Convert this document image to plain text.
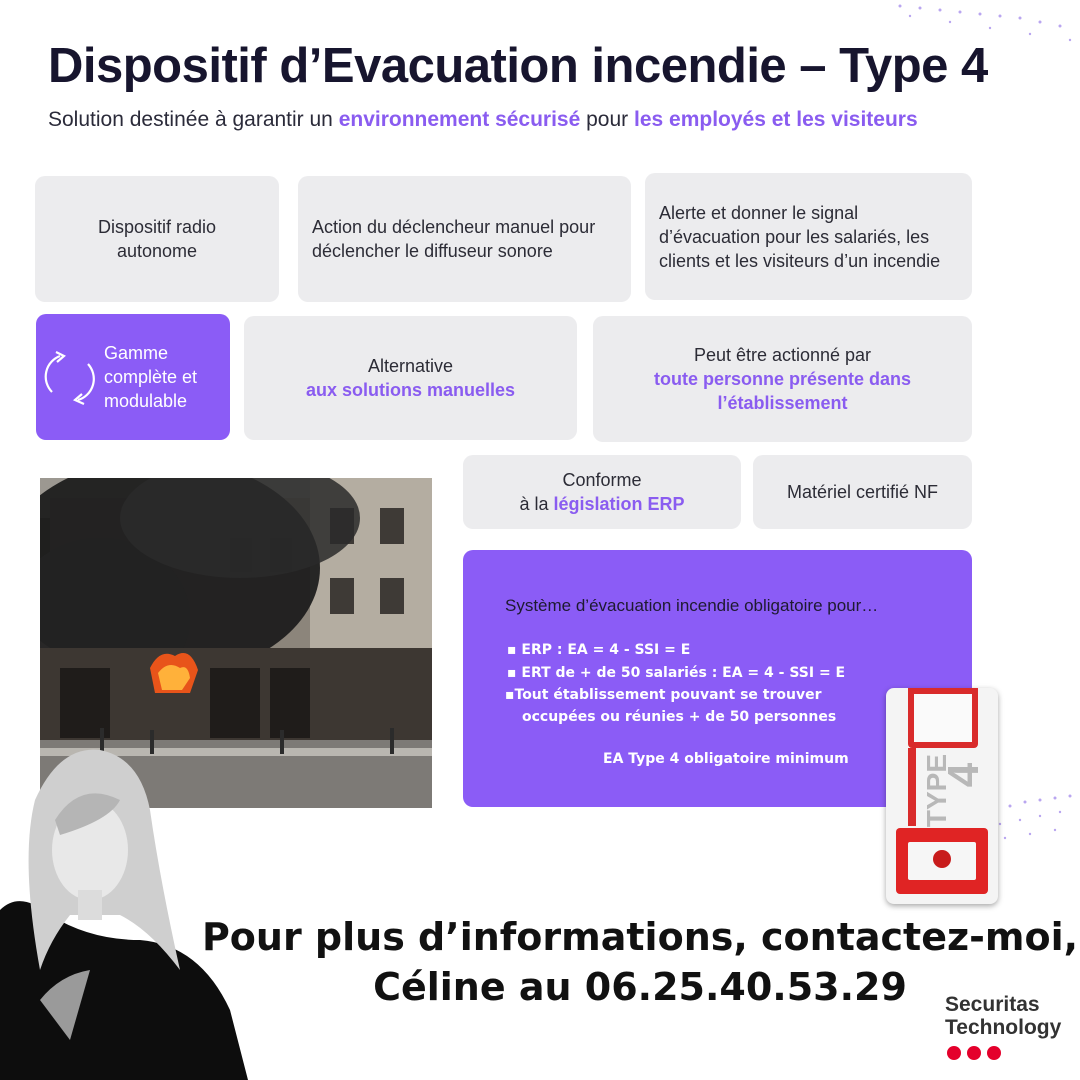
Dispositif d’Evacuation incendie – Type 4
Solution destinée à garantir un environnement sécurisé pour les employés et les visiteurs
Dispositif radio autonome
Action du déclencheur manuel pour déclencher le diffuseur sonore
Alerte et donner le signal d’évacuation pour les salariés, les clients et les visiteurs d’un incendie
Gamme complète et modulable
Alternative
aux solutions manuelles
Peut être actionné par
toute personne présente dans l’établissement
Conforme
à la législation ERP
Matériel certifié NF
Système d’évacuation incendie obligatoire pour…
▪ ERP : EA = 4 - SSI = E
▪ ERT de + de 50 salariés : EA = 4 - SSI = E
▪Tout établissement pouvant se trouver
occupées ou réunies + de 50 personnes
EA Type 4 obligatoire minimum	TYPE
4
Pour plus d’informations, contactez-moi,
Céline au 06.25.40.53.29	Securitas
Technology
